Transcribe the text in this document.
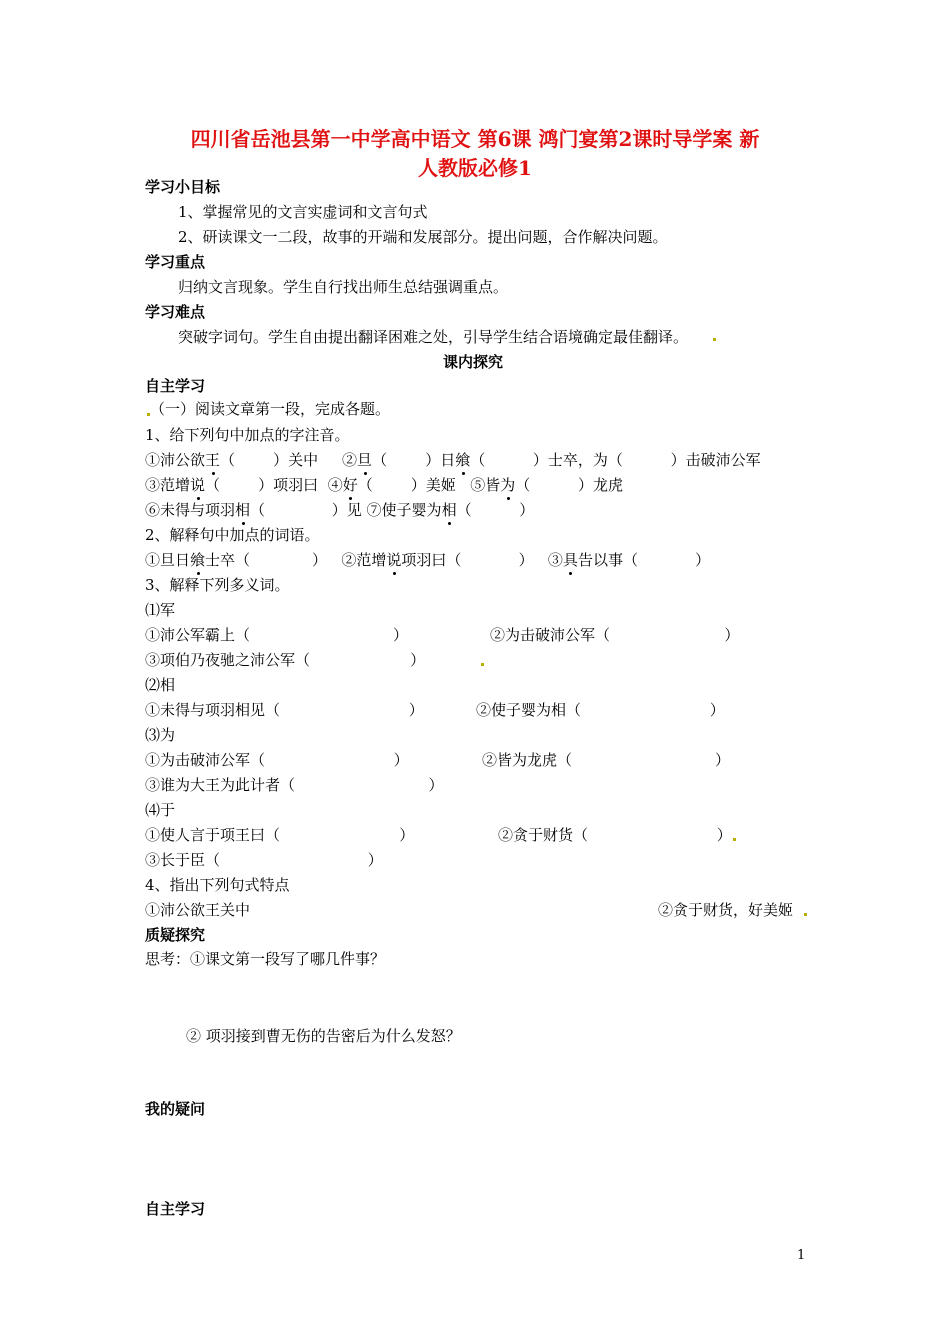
四川省岳池县第一中学高中语文 第6课 鸿门宴第2课时导学案 新
人教版必修1
学习小目标
1、掌握常见的文言实虚词和文言句式
2、研读课文一二段，故事的开端和发展部分。提出问题，合作解决问题。
学习重点
归纳文言现象。学生自行找出师生总结强调重点。
学习难点
突破字词句。学生自由提出翻译困难之处，引导学生结合语境确定最佳翻译。
课内探究
自主学习
（一）阅读文章第一段，完成各题。
1、给下列句中加点的字注音。
①沛公欲王（        ）关中 ②旦（        ）日飨（          ）士卒，为（          ）击破沛公军
③范增说（        ）项羽曰 ④好（        ）美姬 ⑤皆为（          ）龙虎
⑥未得与项羽相（              ）见 ⑦使子婴为相（          ）
2、解释句中加点的词语。
①旦日飨士卒（             ） ②范增说项羽曰（            ） ③具告以事（            ）
3、解释下列多义词。
⑴军
①沛公军霸上（                              ）	②为击破沛公军（                        ）
③项伯乃夜驰之沛公军（                     ）
⑵相
①未得与项羽相见（                           ）	②使子婴为相（                           ）
⑶为
①为击破沛公军（                           ）	②皆为龙虎（                              ）
③谁为大王为此计者（                            ）
⑷于
①使人言于项王曰（                         ）	②贪于财货（                           ）
③长于臣（                               ）
4、指出下列句式特点
①沛公欲王关中	②贪于财货，好美姬
质疑探究
思考：①课文第一段写了哪几件事？
② 项羽接到曹无伤的告密后为什么发怒？
我的疑问
自主学习
1
